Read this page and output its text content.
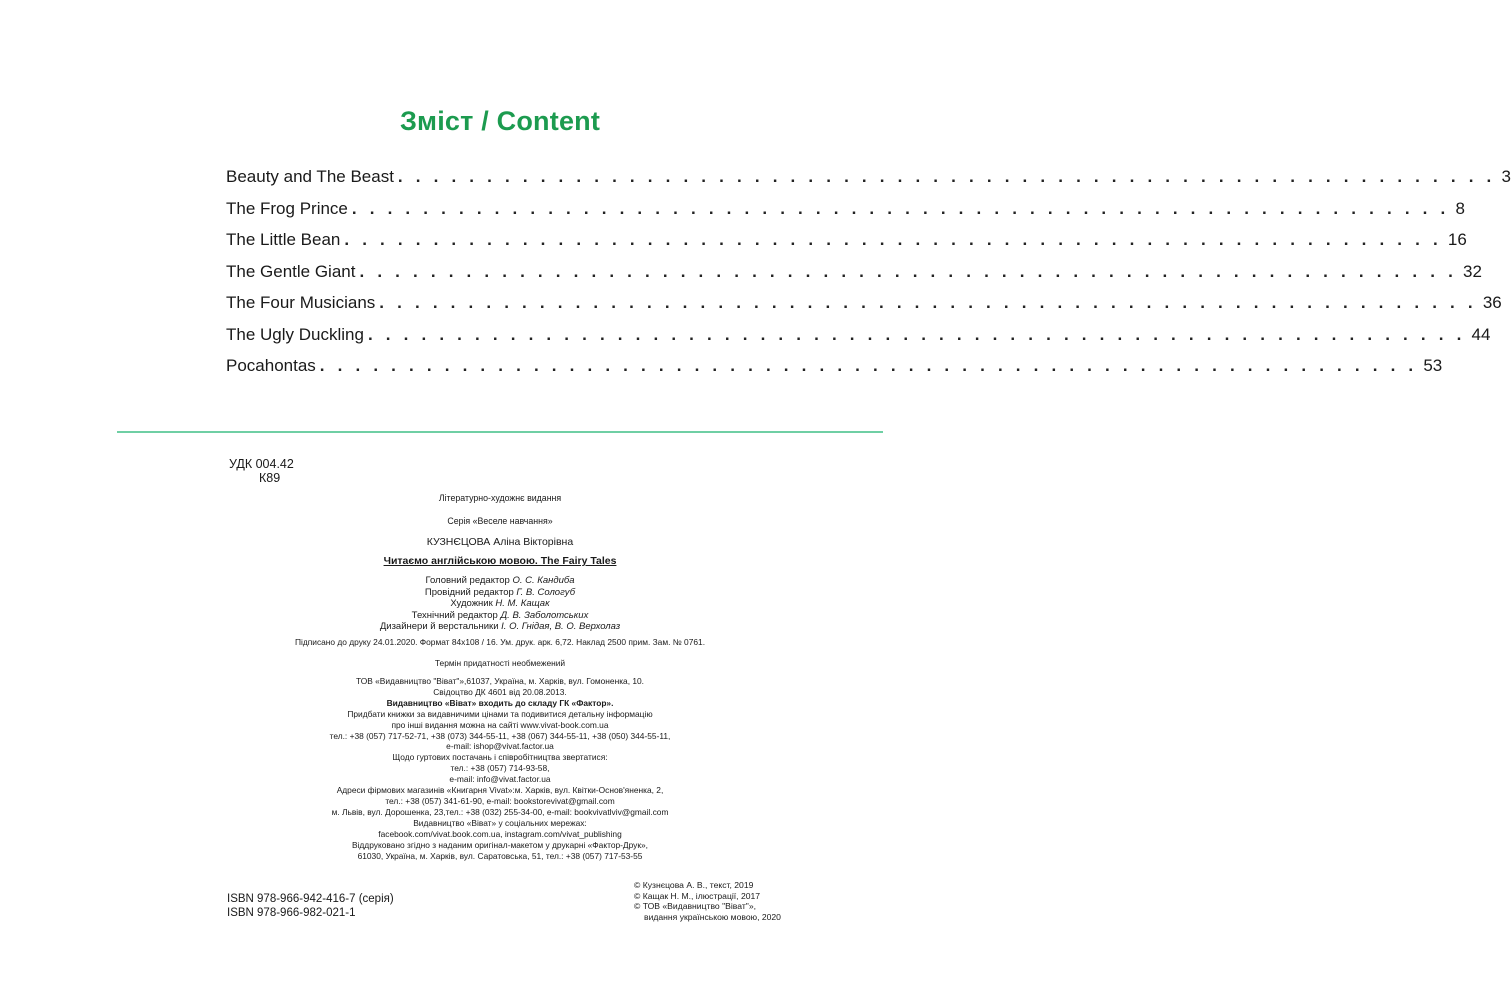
Зміст / Content
Beauty and The Beast . . . . . . . . . . . . . . . . . . . . . . . . . . . . . . . . . . . . . . . . . . . . . . . . . . . . . . . . . . . . . . 3
The Frog Prince . . . . . . . . . . . . . . . . . . . . . . . . . . . . . . . . . . . . . . . . . . . . . . . . . . . . . . . . . . . . . . 8
The Little Bean . . . . . . . . . . . . . . . . . . . . . . . . . . . . . . . . . . . . . . . . . . . . . . . . . . . . . . . . . . . . . . 16
The Gentle Giant . . . . . . . . . . . . . . . . . . . . . . . . . . . . . . . . . . . . . . . . . . . . . . . . . . . . . . . . . . . . . . 32
The Four Musicians . . . . . . . . . . . . . . . . . . . . . . . . . . . . . . . . . . . . . . . . . . . . . . . . . . . . . . . . . . . . . . 36
The Ugly Duckling . . . . . . . . . . . . . . . . . . . . . . . . . . . . . . . . . . . . . . . . . . . . . . . . . . . . . . . . . . . . . . 44
Pocahontas . . . . . . . . . . . . . . . . . . . . . . . . . . . . . . . . . . . . . . . . . . . . . . . . . . . . . . . . . . . . . . 53
УДК 004.42
К89
Літературно-художнє видання
Серія «Веселе навчання»
КУЗНЄЦОВА Аліна Вікторівна
Читаємо англійською мовою. The Fairy Tales
Головний редактор О. С. Кандиба
Провідний редактор Г. В. Сологуб
Художник Н. М. Кащак
Технічний редактор Д. В. Заболотських
Дизайнери й верстальники І. О. Гнідая, В. О. Верхолаз
Підписано до друку 24.01.2020. Формат 84х108 / 16. Ум. друк. арк. 6,72. Наклад 2500 прим. Зам. № 0761.
Термін придатності необмежений
ТОВ «Видавництво "Віват"»,61037, Україна, м. Харків, вул. Гомоненка, 10.
Свідоцтво ДК 4601 від 20.08.2013.
Видавництво «Віват» входить до складу ГК «Фактор».
Придбати книжки за видавничими цінами та подивитися детальну інформацію
про інші видання можна на сайті www.vivat-book.com.ua
тел.: +38 (057) 717-52-71, +38 (073) 344-55-11, +38 (067) 344-55-11, +38 (050) 344-55-11,
e-mail: ishop@vivat.factor.ua
Щодо гуртових постачань і співробітництва звертатися:
тел.: +38 (057) 714-93-58,
e-mail: info@vivat.factor.ua
Адреси фірмових магазинів «Книгарня Vivat»:м. Харків, вул. Квітки-Основ'яненка, 2,
тел.: +38 (057) 341-61-90, e-mail: bookstorevivat@gmail.com
м. Львів, вул. Дорошенка, 23,тел.: +38 (032) 255-34-00, e-mail: bookvivatlviv@gmail.com
Видавництво «Віват» у соціальних мережах:
facebook.com/vivat.book.com.ua, instagram.com/vivat_publishing
Віддруковано згідно з наданим оригінал-макетом у друкарні «Фактор-Друк»,
61030, Україна, м. Харків, вул. Саратовська, 51, тел.: +38 (057) 717-53-55
ISBN 978-966-942-416-7 (серія)
ISBN 978-966-982-021-1
© Кузнєцова А. В., текст, 2019
© Кащак Н. М., ілюстрації, 2017
© ТОВ «Видавництво "Віват"»,
видання українською мовою, 2020
